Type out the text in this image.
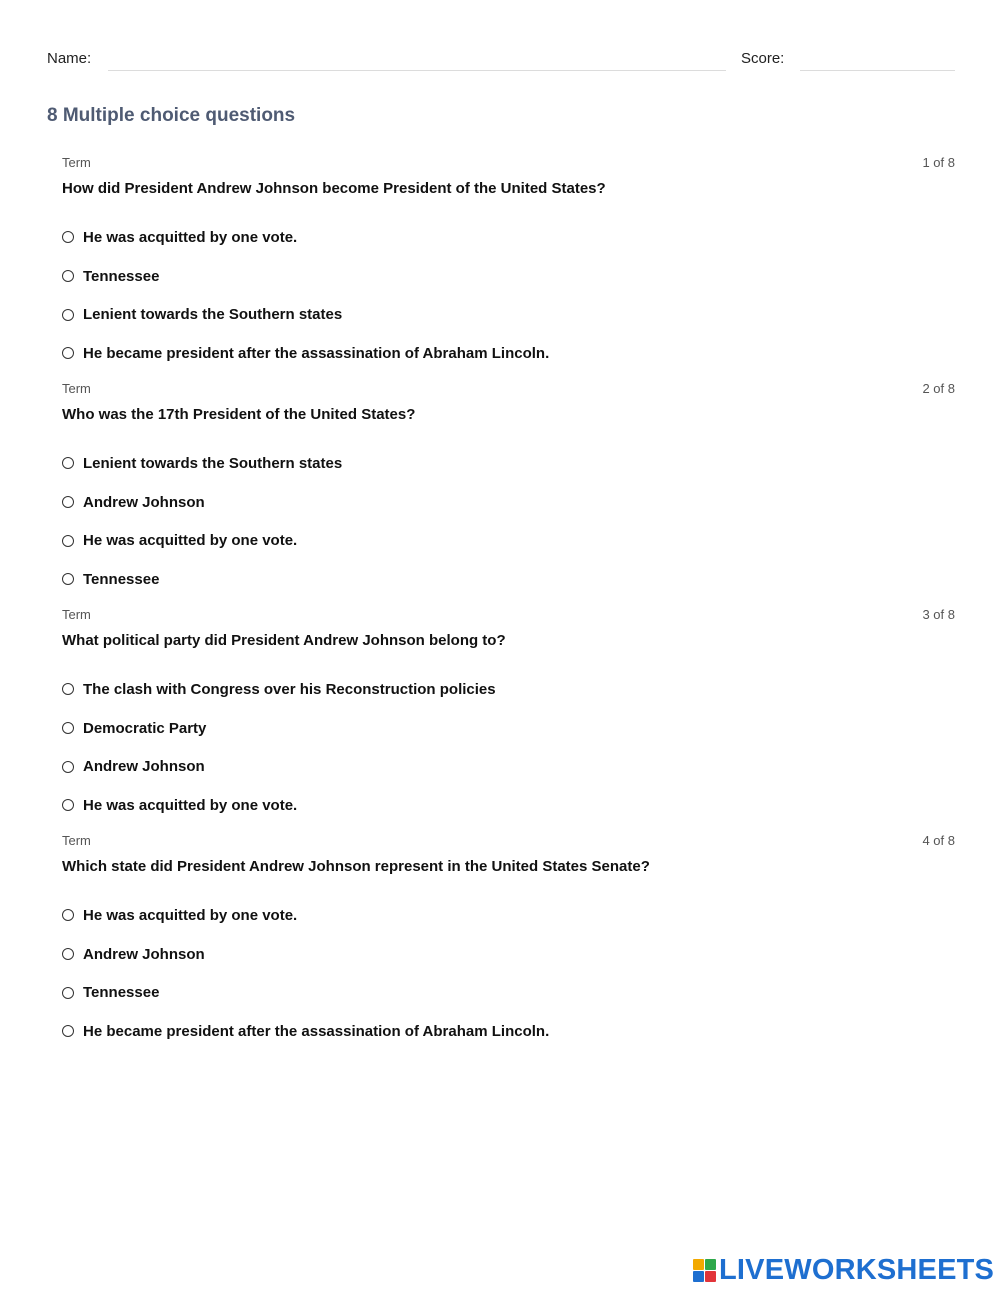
Name:	Score:
8 Multiple choice questions
Term	1 of 8

How did President Andrew Johnson become President of the United States?

He was acquitted by one vote.
Tennessee
Lenient towards the Southern states
He became president after the assassination of Abraham Lincoln.
Term	2 of 8

Who was the 17th President of the United States?

Lenient towards the Southern states
Andrew Johnson
He was acquitted by one vote.
Tennessee
Term	3 of 8

What political party did President Andrew Johnson belong to?

The clash with Congress over his Reconstruction policies
Democratic Party
Andrew Johnson
He was acquitted by one vote.
Term	4 of 8

Which state did President Andrew Johnson represent in the United States Senate?

He was acquitted by one vote.
Andrew Johnson
Tennessee
He became president after the assassination of Abraham Lincoln.
LIVEWORKSHEETS
